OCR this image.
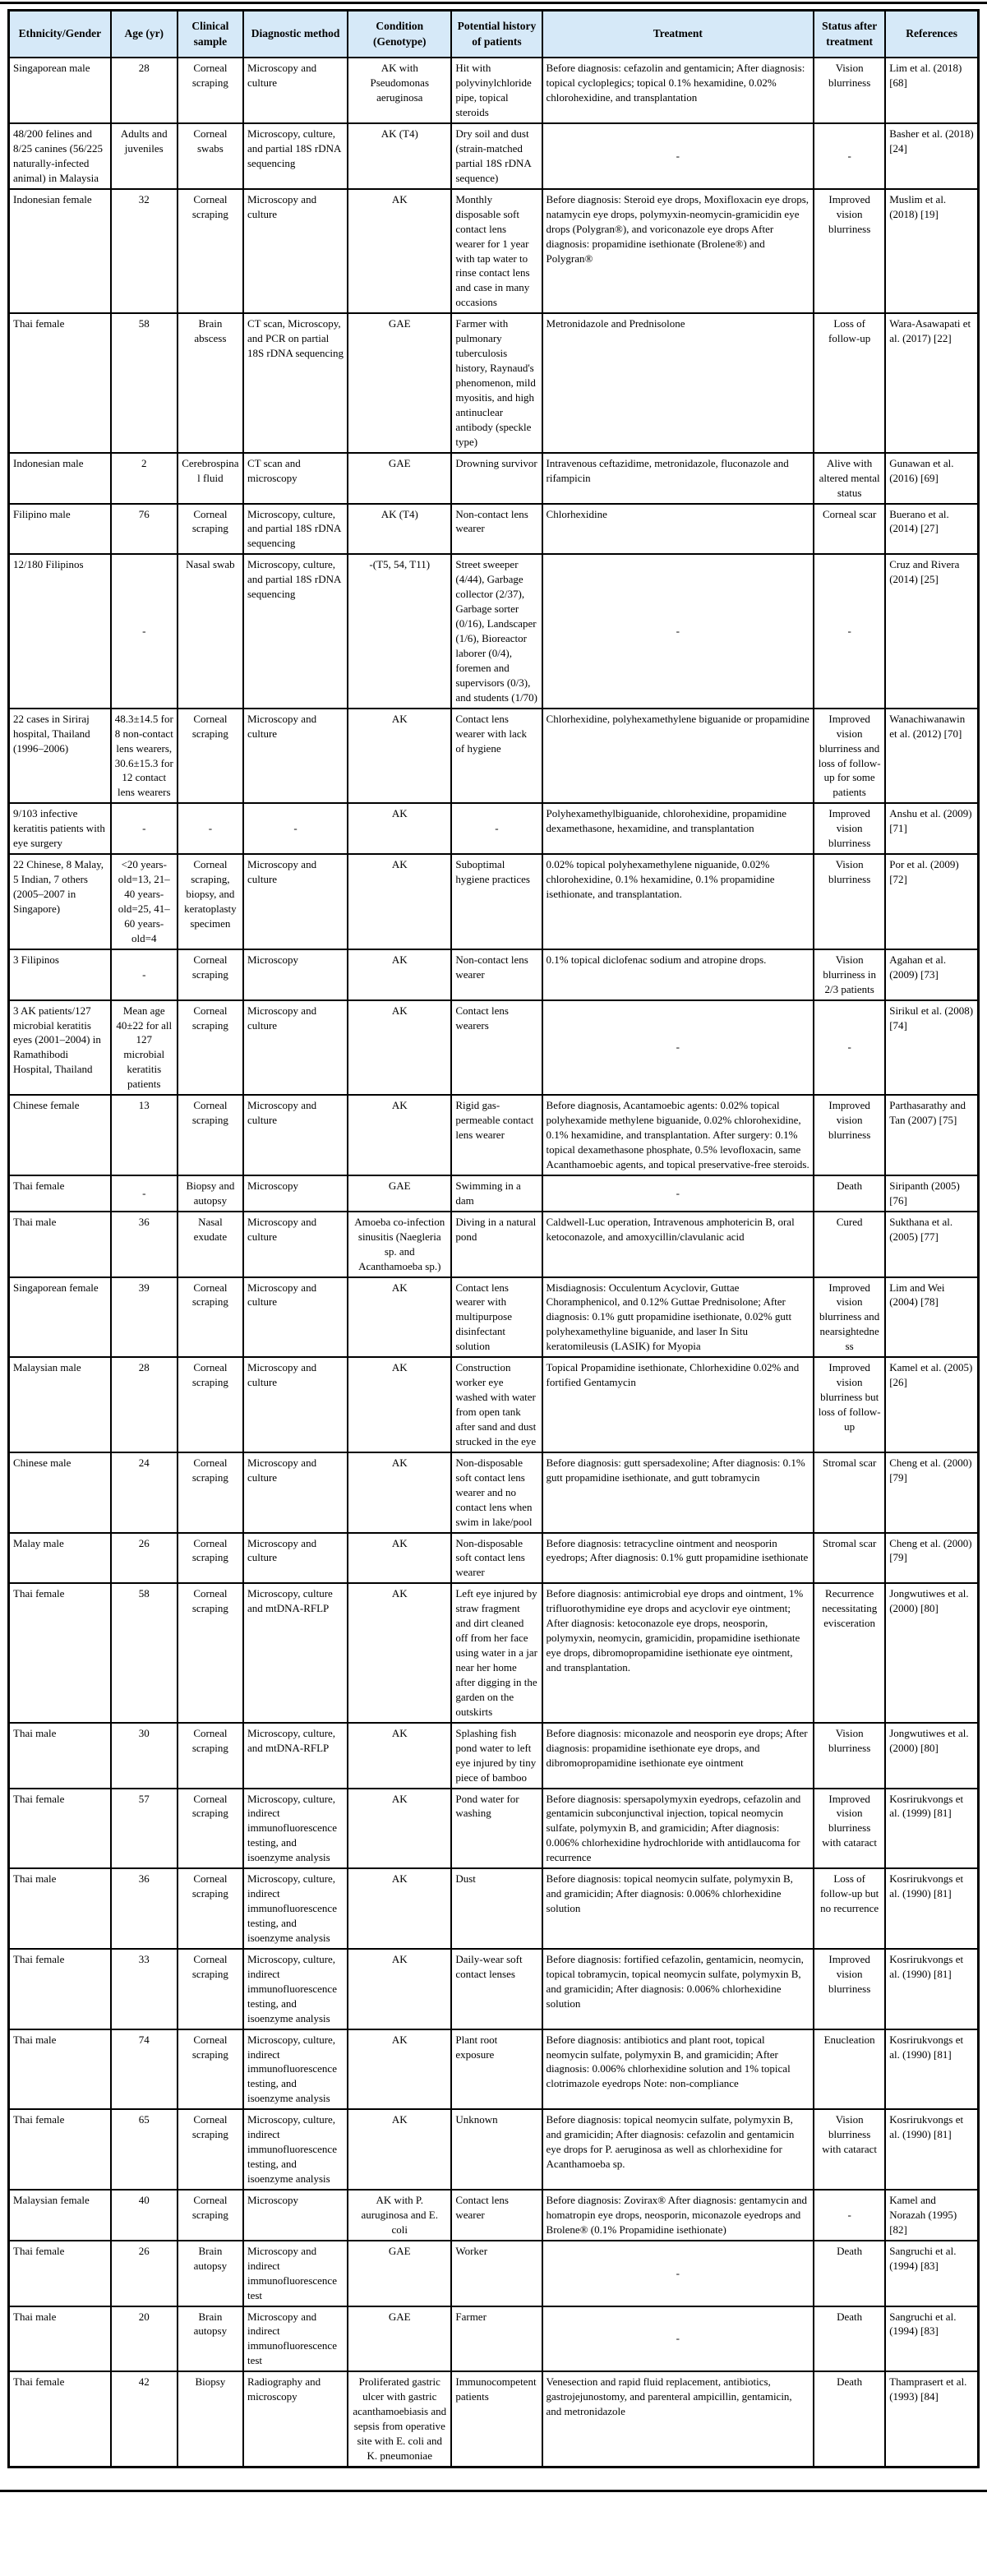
Ethnicity/Gender	Age (yr)	Clinical sample	Diagnostic method	Condition (Genotype)	Potential history of patients	Treatment	Status after treatment	References
Singaporean male	28	Corneal scraping	Microscopy and culture	AK with Pseudomonas aeruginosa	Hit with polyvinylchloride pipe, topical steroids	Before diagnosis: cefazolin and gentamicin; After diagnosis: topical cycloplegics; topical 0.1% hexamidine, 0.02% chlorohexidine, and transplantation	Vision blurriness	Lim et al. (2018) [68]
48/200 felines and 8/25 canines (56/225 naturally-infected animal) in Malaysia	Adults and juveniles	Corneal swabs	Microscopy, culture, and partial 18S rDNA sequencing	AK (T4)	Dry soil and dust (strain-matched partial 18S rDNA sequence)	-	-	Basher et al. (2018) [24]
Indonesian female	32	Corneal scraping	Microscopy and culture	AK	Monthly disposable soft contact lens wearer for 1 year with tap water to rinse contact lens and case in many occasions	Before diagnosis: Steroid eye drops, Moxifloxacin eye drops, natamycin eye drops, polymyxin-neomycin-gramicidin eye drops (Polygran®), and voriconazole eye drops After diagnosis: propamidine isethionate (Brolene®) and Polygran®	Improved vision blurriness	Muslim et al. (2018) [19]
Thai female	58	Brain abscess	CT scan, Microscopy, and PCR on partial 18S rDNA sequencing	GAE	Farmer with pulmonary tuberculosis history, Raynaud's phenomenon, mild myositis, and high antinuclear antibody (speckle type)	Metronidazole and Prednisolone	Loss of follow-up	Wara-Asawapati et al. (2017) [22]
Indonesian male	2	Cerebrospinal fluid	CT scan and microscopy	GAE	Drowning survivor	Intravenous ceftazidime, metronidazole, fluconazole and rifampicin	Alive with altered mental status	Gunawan et al. (2016) [69]
Filipino male	76	Corneal scraping	Microscopy, culture, and partial 18S rDNA sequencing	AK (T4)	Non-contact lens wearer	Chlorhexidine	Corneal scar	Buerano et al. (2014) [27]
12/180 Filipinos	-	Nasal swab	Microscopy, culture, and partial 18S rDNA sequencing	-(T5, 54, T11)	Street sweeper (4/44), Garbage collector (2/37), Garbage sorter (0/16), Landscaper (1/6), Bioreactor laborer (0/4), foremen and supervisors (0/3), and students (1/70)	-	-	Cruz and Rivera (2014) [25]
22 cases in Siriraj hospital, Thailand (1996–2006)	48.3±14.5 for 8 non-contact lens wearers, 30.6±15.3 for 12 contact lens wearers	Corneal scraping	Microscopy and culture	AK	Contact lens wearer with lack of hygiene	Chlorhexidine, polyhexamethylene biguanide or propamidine	Improved vision blurriness and loss of follow-up for some patients	Wanachiwanawin et al. (2012) [70]
9/103 infective keratitis patients with eye surgery	-	-	-	AK	-	Polyhexamethylbiguanide, chlorohexidine, propamidine dexamethasone, hexamidine, and transplantation	Improved vision blurriness	Anshu et al. (2009) [71]
22 Chinese, 8 Malay, 5 Indian, 7 others (2005–2007 in Singapore)	<20 years-old=13, 21–40 years-old=25, 41–60 years-old=4	Corneal scraping, biopsy, and keratoplasty specimen	Microscopy and culture	AK	Suboptimal hygiene practices	0.02% topical polyhexamethylene niguanide, 0.02% chlorohexidine, 0.1% hexamidine, 0.1% propamidine isethionate, and transplantation.	Vision blurriness	Por et al. (2009) [72]
3 Filipinos	-	Corneal scraping	Microscopy	AK	Non-contact lens wearer	0.1% topical diclofenac sodium and atropine drops.	Vision blurriness in 2/3 patients	Agahan et al. (2009) [73]
3 AK patients/127 microbial keratitis eyes (2001–2004) in Ramathibodi Hospital, Thailand	Mean age 40±22 for all 127 microbial keratitis patients	Corneal scraping	Microscopy and culture	AK	Contact lens wearers	-	-	Sirikul et al. (2008) [74]
Chinese female	13	Corneal scraping	Microscopy and culture	AK	Rigid gas-permeable contact lens wearer	Before diagnosis, Acantamoebic agents: 0.02% topical polyhexamide methylene biguanide, 0.02% chlorohexidine, 0.1% hexamidine, and transplantation. After surgery: 0.1% topical dexamethasone phosphate, 0.5% levofloxacin, same Acanthamoebic agents, and topical preservative-free steroids.	Improved vision blurriness	Parthasarathy and Tan (2007) [75]
Thai female	-	Biopsy and autopsy	Microscopy	GAE	Swimming in a dam	-	Death	Siripanth (2005) [76]
Thai male	36	Nasal exudate	Microscopy and culture	Amoeba co-infection sinusitis (Naegleria sp. and Acanthamoeba sp.)	Diving in a natural pond	Caldwell-Luc operation, Intravenous amphotericin B, oral ketoconazole, and amoxycillin/clavulanic acid	Cured	Sukthana et al. (2005) [77]
Singaporean female	39	Corneal scraping	Microscopy and culture	AK	Contact lens wearer with multipurpose disinfectant solution	Misdiagnosis: Occulentum Acyclovir, Guttae Choramphenicol, and 0.12% Guttae Prednisolone; After diagnosis: 0.1% gutt propamidine isethionate, 0.02% gutt polyhexamethyline biguanide, and laser In Situ keratomileusis (LASIK) for Myopia	Improved vision blurriness and nearsightedness	Lim and Wei (2004) [78]
Malaysian male	28	Corneal scraping	Microscopy and culture	AK	Construction worker eye washed with water from open tank after sand and dust strucked in the eye	Topical Propamidine isethionate, Chlorhexidine 0.02% and fortified Gentamycin	Improved vision blurriness but loss of follow-up	Kamel et al. (2005) [26]
Chinese male	24	Corneal scraping	Microscopy and culture	AK	Non-disposable soft contact lens wearer and no contact lens when swim in lake/pool	Before diagnosis: gutt spersadexoline; After diagnosis: 0.1% gutt propamidine isethionate, and gutt tobramycin	Stromal scar	Cheng et al. (2000) [79]
Malay male	26	Corneal scraping	Microscopy and culture	AK	Non-disposable soft contact lens wearer	Before diagnosis: tetracycline ointment and neosporin eyedrops; After diagnosis: 0.1% gutt propamidine isethionate	Stromal scar	Cheng et al. (2000) [79]
Thai female	58	Corneal scraping	Microscopy, culture and mtDNA-RFLP	AK	Left eye injured by straw fragment and dirt cleaned off from her face using water in a jar near her home after digging in the garden on the outskirts	Before diagnosis: antimicrobial eye drops and ointment, 1% trifluorothymidine eye drops and acyclovir eye ointment; After diagnosis: ketoconazole eye drops, neosporin, polymyxin, neomycin, gramicidin, propamidine isethionate eye drops, dibromopropamidine isethionate eye ointment, and transplantation.	Recurrence necessitating evisceration	Jongwutiwes et al. (2000) [80]
Thai male	30	Corneal scraping	Microscopy, culture, and mtDNA-RFLP	AK	Splashing fish pond water to left eye injured by tiny piece of bamboo	Before diagnosis: miconazole and neosporin eye drops; After diagnosis: propamidine isethionate eye drops, and dibromopropamidine isethionate eye ointment	Vision blurriness	Jongwutiwes et al. (2000) [80]
Thai female	57	Corneal scraping	Microscopy, culture, indirect immunofluorescence testing, and isoenzyme analysis	AK	Pond water for washing	Before diagnosis: spersapolymyxin eyedrops, cefazolin and gentamicin subconjunctival injection, topical neomycin sulfate, polymyxin B, and gramicidin; After diagnosis: 0.006% chlorhexidine hydrochloride with antidlaucoma for recurrence	Improved vision blurriness with cataract	Kosrirukvongs et al. (1999) [81]
Thai male	36	Corneal scraping	Microscopy, culture, indirect immunofluorescence testing, and isoenzyme analysis	AK	Dust	Before diagnosis: topical neomycin sulfate, polymyxin B, and gramicidin; After diagnosis: 0.006% chlorhexidine solution	Loss of follow-up but no recurrence	Kosrirukvongs et al. (1990) [81]
Thai female	33	Corneal scraping	Microscopy, culture, indirect immunofluorescence testing, and isoenzyme analysis	AK	Daily-wear soft contact lenses	Before diagnosis: fortified cefazolin, gentamicin, neomycin, topical tobramycin, topical neomycin sulfate, polymyxin B, and gramicidin; After diagnosis: 0.006% chlorhexidine solution	Improved vision blurriness	Kosrirukvongs et al. (1990) [81]
Thai male	74	Corneal scraping	Microscopy, culture, indirect immunofluorescence testing, and isoenzyme analysis	AK	Plant root exposure	Before diagnosis: antibiotics and plant root, topical neomycin sulfate, polymyxin B, and gramicidin; After diagnosis: 0.006% chlorhexidine solution and 1% topical clotrimazole eyedrops Note: non-compliance	Enucleation	Kosrirukvongs et al. (1990) [81]
Thai female	65	Corneal scraping	Microscopy, culture, indirect immunofluorescence testing, and isoenzyme analysis	AK	Unknown	Before diagnosis: topical neomycin sulfate, polymyxin B, and gramicidin; After diagnosis: cefazolin and gentamicin eye drops for P. aeruginosa as well as chlorhexidine for Acanthamoeba sp.	Vision blurriness with cataract	Kosrirukvongs et al. (1990) [81]
Malaysian female	40	Corneal scraping	Microscopy	AK with P. auruginosa and E. coli	Contact lens wearer	Before diagnosis: Zovirax® After diagnosis: gentamycin and homatropin eye drops, neosporin, miconazole eyedrops and Brolene® (0.1% Propamidine isethionate)	-	Kamel and Norazah (1995) [82]
Thai female	26	Brain autopsy	Microscopy and indirect immunofluorescence test	GAE	Worker	-	Death	Sangruchi et al. (1994) [83]
Thai male	20	Brain autopsy	Microscopy and indirect immunofluorescence test	GAE	Farmer	-	Death	Sangruchi et al. (1994) [83]
Thai female	42	Biopsy	Radiography and microscopy	Proliferated gastric ulcer with gastric acanthamoebiasis and sepsis from operative site with E. coli and K. pneumoniae	Immunocompetent patients	Venesection and rapid fluid replacement, antibiotics, gastrojejunostomy, and parenteral ampicillin, gentamicin, and metronidazole	Death	Thamprasert et al. (1993) [84]
